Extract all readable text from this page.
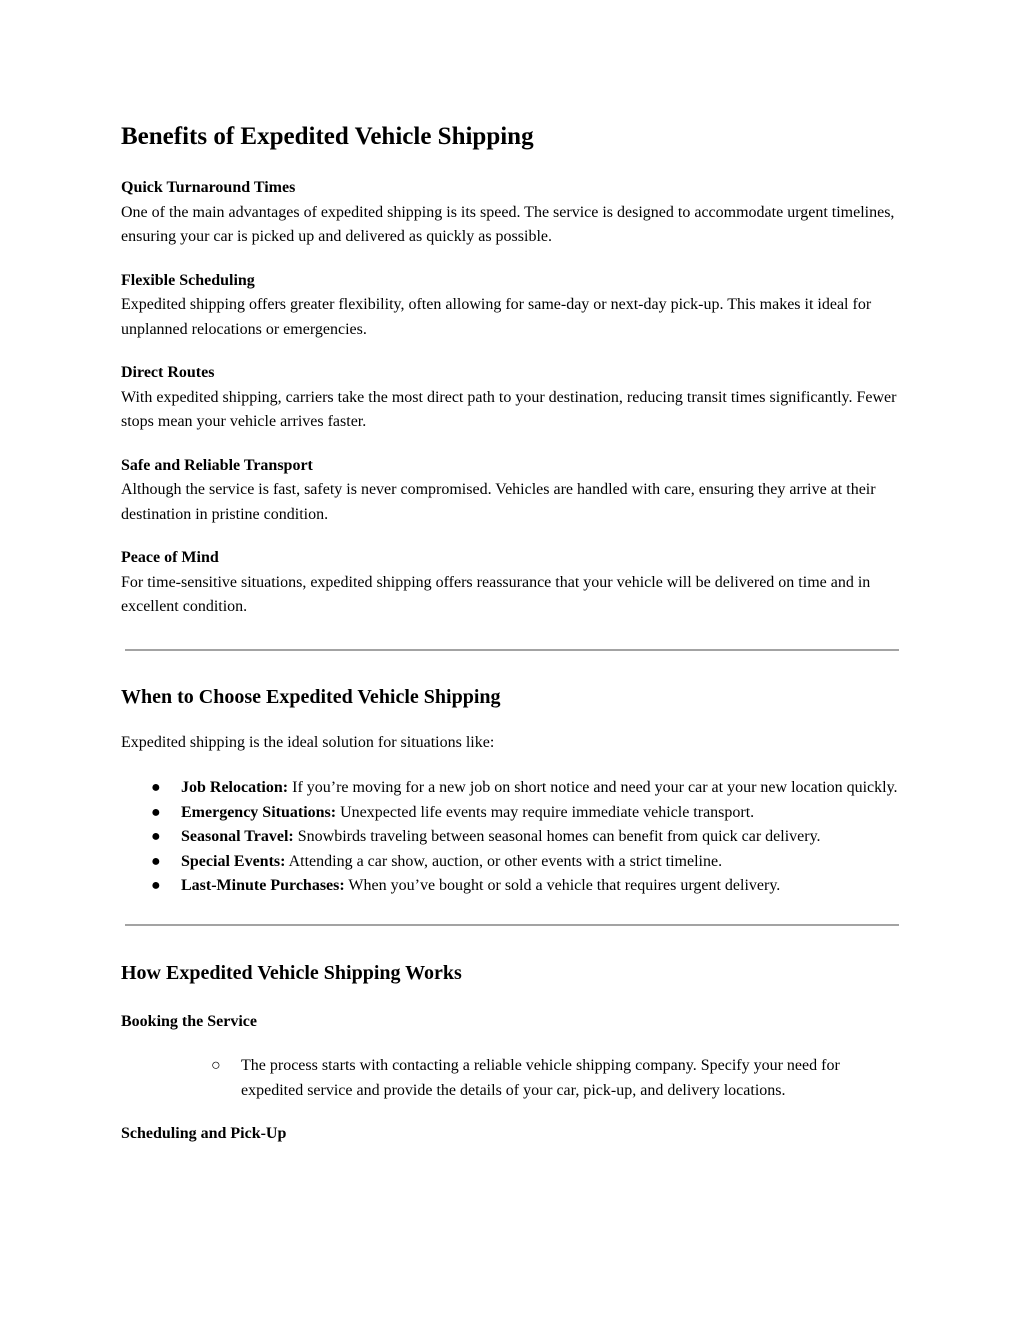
Benefits of Expedited Vehicle Shipping
Quick Turnaround Times
One of the main advantages of expedited shipping is its speed. The service is designed to accommodate urgent timelines, ensuring your car is picked up and delivered as quickly as possible.
Flexible Scheduling
Expedited shipping offers greater flexibility, often allowing for same-day or next-day pick-up. This makes it ideal for unplanned relocations or emergencies.
Direct Routes
With expedited shipping, carriers take the most direct path to your destination, reducing transit times significantly. Fewer stops mean your vehicle arrives faster.
Safe and Reliable Transport
Although the service is fast, safety is never compromised. Vehicles are handled with care, ensuring they arrive at their destination in pristine condition.
Peace of Mind
For time-sensitive situations, expedited shipping offers reassurance that your vehicle will be delivered on time and in excellent condition.
When to Choose Expedited Vehicle Shipping
Expedited shipping is the ideal solution for situations like:
● Job Relocation: If you’re moving for a new job on short notice and need your car at your new location quickly.
● Emergency Situations: Unexpected life events may require immediate vehicle transport.
● Seasonal Travel: Snowbirds traveling between seasonal homes can benefit from quick car delivery.
● Special Events: Attending a car show, auction, or other events with a strict timeline.
● Last-Minute Purchases: When you’ve bought or sold a vehicle that requires urgent delivery.
How Expedited Vehicle Shipping Works
Booking the Service
○ The process starts with contacting a reliable vehicle shipping company. Specify your need for expedited service and provide the details of your car, pick-up, and delivery locations.
Scheduling and Pick-Up
